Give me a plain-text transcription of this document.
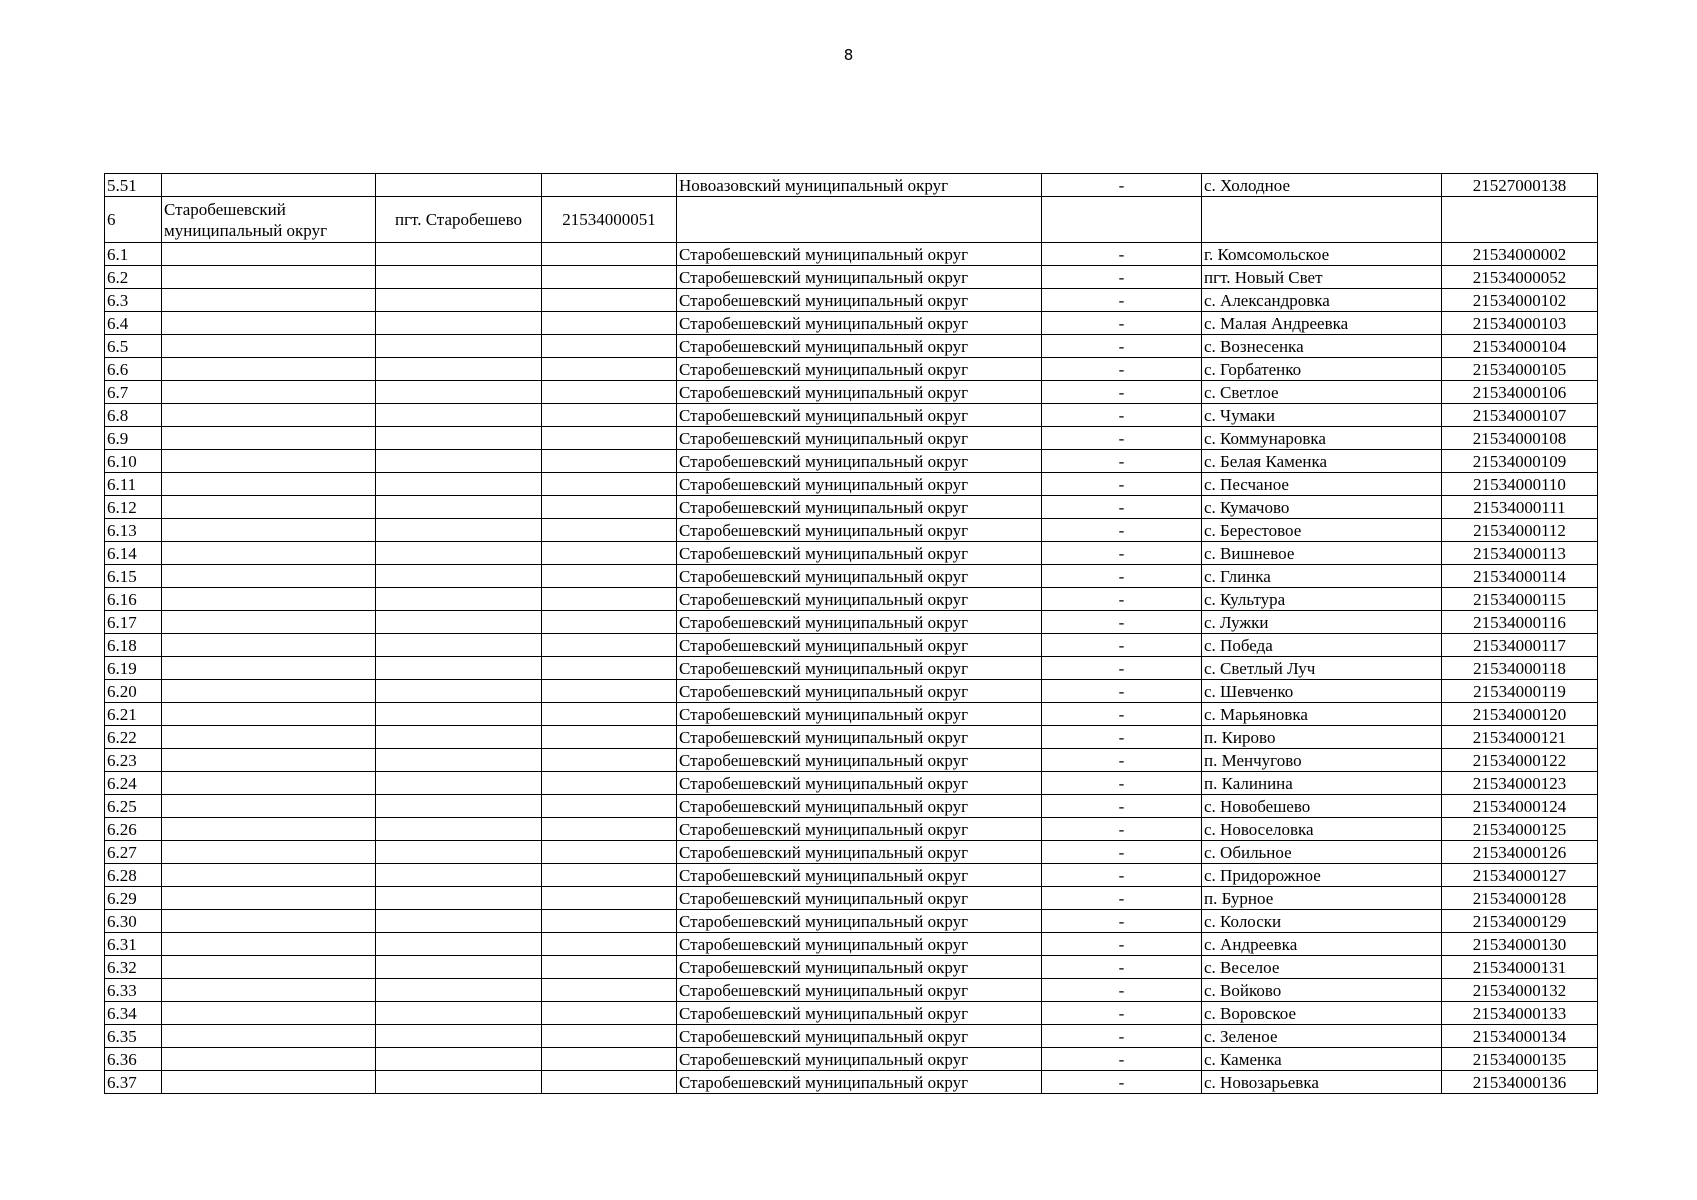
8
5.51				Новоазовский муниципальный округ	-	с. Холодное	21527000138
6	Старобешевский муниципальный округ	пгт. Старобешево	21534000051				
6.1				Старобешевский муниципальный округ	-	г. Комсомольское	21534000002
6.2				Старобешевский муниципальный округ	-	пгт. Новый Свет	21534000052
6.3				Старобешевский муниципальный округ	-	с. Александровка	21534000102
6.4				Старобешевский муниципальный округ	-	с. Малая Андреевка	21534000103
6.5				Старобешевский муниципальный округ	-	с. Вознесенка	21534000104
6.6				Старобешевский муниципальный округ	-	с. Горбатенко	21534000105
6.7				Старобешевский муниципальный округ	-	с. Светлое	21534000106
6.8				Старобешевский муниципальный округ	-	с. Чумаки	21534000107
6.9				Старобешевский муниципальный округ	-	с. Коммунаровка	21534000108
6.10				Старобешевский муниципальный округ	-	с. Белая Каменка	21534000109
6.11				Старобешевский муниципальный округ	-	с. Песчаное	21534000110
6.12				Старобешевский муниципальный округ	-	с. Кумачово	21534000111
6.13				Старобешевский муниципальный округ	-	с. Берестовое	21534000112
6.14				Старобешевский муниципальный округ	-	с. Вишневое	21534000113
6.15				Старобешевский муниципальный округ	-	с. Глинка	21534000114
6.16				Старобешевский муниципальный округ	-	с. Культура	21534000115
6.17				Старобешевский муниципальный округ	-	с. Лужки	21534000116
6.18				Старобешевский муниципальный округ	-	с. Победа	21534000117
6.19				Старобешевский муниципальный округ	-	с. Светлый Луч	21534000118
6.20				Старобешевский муниципальный округ	-	с. Шевченко	21534000119
6.21				Старобешевский муниципальный округ	-	с. Марьяновка	21534000120
6.22				Старобешевский муниципальный округ	-	п. Кирово	21534000121
6.23				Старобешевский муниципальный округ	-	п. Менчугово	21534000122
6.24				Старобешевский муниципальный округ	-	п. Калинина	21534000123
6.25				Старобешевский муниципальный округ	-	с. Новобешево	21534000124
6.26				Старобешевский муниципальный округ	-	с. Новоселовка	21534000125
6.27				Старобешевский муниципальный округ	-	с. Обильное	21534000126
6.28				Старобешевский муниципальный округ	-	с. Придорожное	21534000127
6.29				Старобешевский муниципальный округ	-	п. Бурное	21534000128
6.30				Старобешевский муниципальный округ	-	с. Колоски	21534000129
6.31				Старобешевский муниципальный округ	-	с. Андреевка	21534000130
6.32				Старобешевский муниципальный округ	-	с. Веселое	21534000131
6.33				Старобешевский муниципальный округ	-	с. Войково	21534000132
6.34				Старобешевский муниципальный округ	-	с. Воровское	21534000133
6.35				Старобешевский муниципальный округ	-	с. Зеленое	21534000134
6.36				Старобешевский муниципальный округ	-	с. Каменка	21534000135
6.37				Старобешевский муниципальный округ	-	с. Новозарьевка	21534000136
